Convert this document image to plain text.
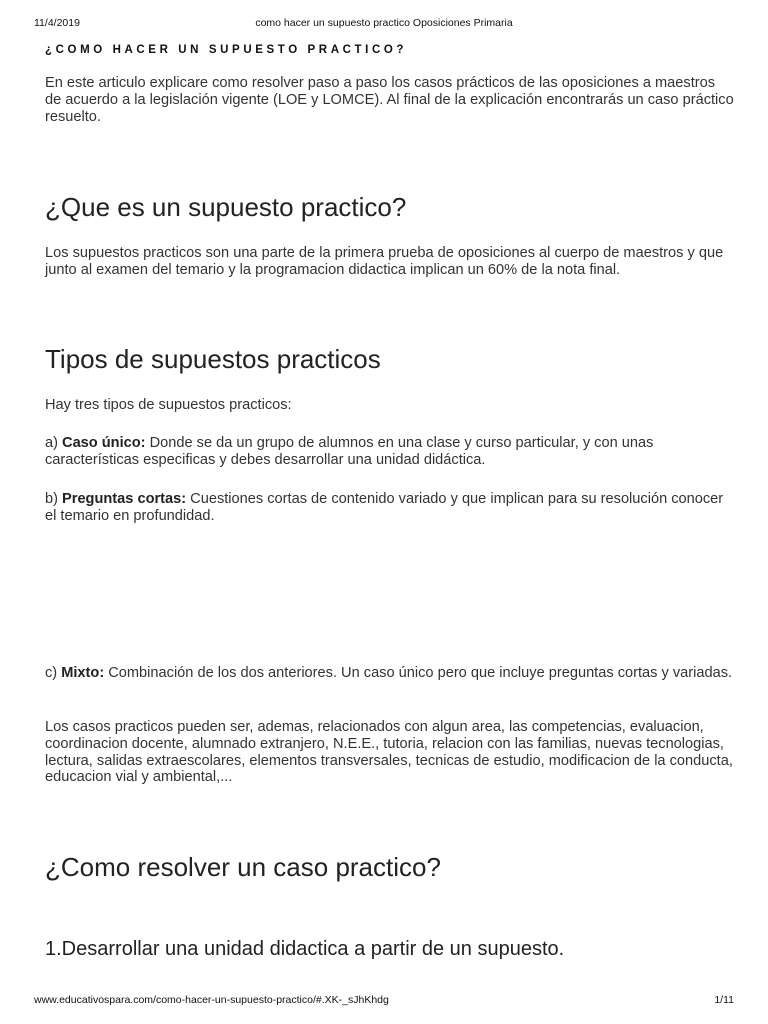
11/4/2019	como hacer un supuesto practico Oposiciones Primaria
¿COMO HACER UN SUPUESTO PRACTICO?

En este articulo explicare como resolver paso a paso los casos prácticos de las oposiciones a maestros de acuerdo a la legislación vigente (LOE y LOMCE). Al final de la explicación encontrarás un caso práctico resuelto.

¿Que es un supuesto practico?

Los supuestos practicos son una parte de la primera prueba de oposiciones al cuerpo de maestros y que junto al examen del temario y la programacion didactica implican un 60% de la nota final.

Tipos de supuestos practicos

Hay tres tipos de supuestos practicos:

a) Caso único: Donde se da un grupo de alumnos en una clase y curso particular, y con unas características especificas y debes desarrollar una unidad didáctica.

b) Preguntas cortas: Cuestiones cortas de contenido variado y que implican para su resolución conocer el temario en profundidad.

c) Mixto: Combinación de los dos anteriores. Un caso único pero que incluye preguntas cortas y variadas.

Los casos practicos pueden ser, ademas, relacionados con algun area, las competencias, evaluacion, coordinacion docente, alumnado extranjero, N.E.E., tutoria, relacion con las familias, nuevas tecnologias, lectura, salidas extraescolares, elementos transversales, tecnicas de estudio, modificacion de la conducta, educacion vial y ambiental,...

¿Como resolver un caso practico?
1.Desarrollar una unidad didactica a partir de un supuesto.
www.educativospara.com/como-hacer-un-supuesto-practico/#.XK-_sJhKhdg	1/11
